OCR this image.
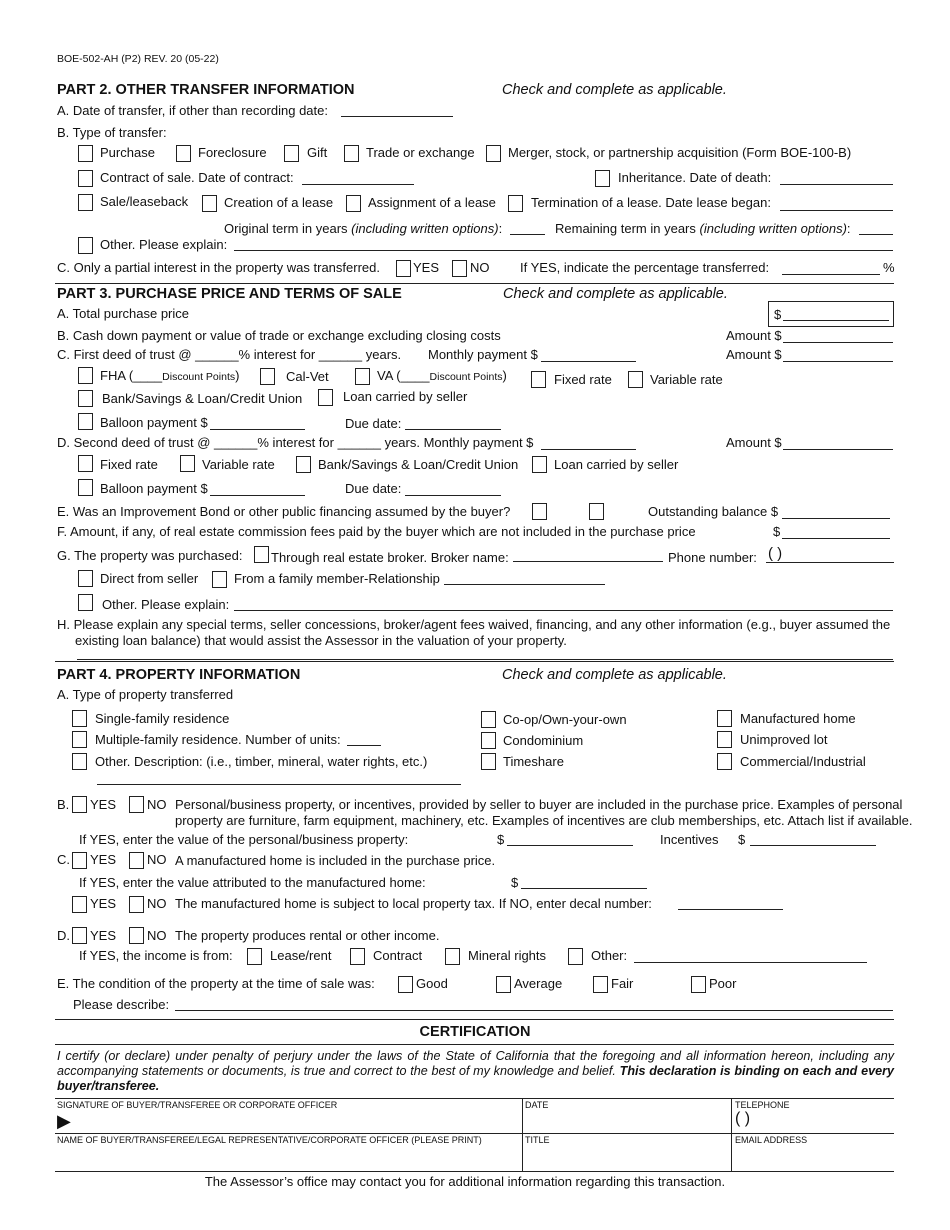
BOE-502-AH (P2) REV. 20 (05-22)
PART 2. OTHER TRANSFER INFORMATION	Check and complete as applicable.
A. Date of transfer, if other than recording date:
B. Type of transfer:
Purchase	Foreclosure	Gift	Trade or exchange	Merger, stock, or partnership acquisition (Form BOE-100-B)
Contract of sale. Date of contract:	Inheritance. Date of death:
Sale/leaseback	Creation of a lease	Assignment of a lease	Termination of a lease. Date lease began:
Original term in years (including written options):	Remaining term in years (including written options):
Other. Please explain:
C. Only a partial interest in the property was transferred.	YES NO If YES, indicate the percentage transferred:	%
PART 3. PURCHASE PRICE AND TERMS OF SALE	Check and complete as applicable.
A. Total purchase price	$
B. Cash down payment or value of trade or exchange excluding closing costs	Amount $
C. First deed of trust @ ______% interest for ______ years. Monthly payment $	Amount $
FHA (____Discount Points)	Cal-Vet	VA (____Discount Points)	Fixed rate	Variable rate
Bank/Savings & Loan/Credit Union	Loan carried by seller
Balloon payment $	Due date:
D. Second deed of trust @ ______% interest for ______ years. Monthly payment $	Amount $
Fixed rate	Variable rate	Bank/Savings & Loan/Credit Union	Loan carried by seller
Balloon payment $	Due date:
E. Was an Improvement Bond or other public financing assumed by the buyer?	Outstanding balance $
F. Amount, if any, of real estate commission fees paid by the buyer which are not included in the purchase price	$
G. The property was purchased: Through real estate broker. Broker name:	Phone number: ( )
Direct from seller	From a family member-Relationship
Other. Please explain:
H. Please explain any special terms, seller concessions, broker/agent fees waived, financing, and any other information (e.g., buyer assumed the
existing loan balance) that would assist the Assessor in the valuation of your property.
PART 4. PROPERTY INFORMATION	Check and complete as applicable.
A. Type of property transferred
Single-family residence
Multiple-family residence. Number of units:
Other. Description: (i.e., timber, mineral, water rights, etc.)
Co-op/Own-your-own
Condominium
Timeshare
Manufactured home
Unimproved lot
Commercial/Industrial
B. YES NO Personal/business property, or incentives, provided by seller to buyer are included in the purchase price. Examples of personal
property are furniture, farm equipment, machinery, etc. Examples of incentives are club memberships, etc. Attach list if available.
If YES, enter the value of the personal/business property:	$	Incentives $
C. YES NO A manufactured home is included in the purchase price.
If YES, enter the value attributed to the manufactured home:	$
YES NO The manufactured home is subject to local property tax. If NO, enter decal number:
D. YES NO The property produces rental or other income.
If YES, the income is from:	Lease/rent	Contract	Mineral rights	Other:
E. The condition of the property at the time of sale was:	Good	Average	Fair	Poor
Please describe:
CERTIFICATION
I certify (or declare) under penalty of perjury under the laws of the State of California that the foregoing and all information hereon, including any accompanying statements or documents, is true and correct to the best of my knowledge and belief. This declaration is binding on each and every buyer/transferee.
SIGNATURE OF BUYER/TRANSFEREE OR CORPORATE OFFICER
▶
DATE	TELEPHONE
( )
NAME OF BUYER/TRANSFEREE/LEGAL REPRESENTATIVE/CORPORATE OFFICER (PLEASE PRINT)	TITLE	EMAIL ADDRESS
The Assessor’s office may contact you for additional information regarding this transaction.
